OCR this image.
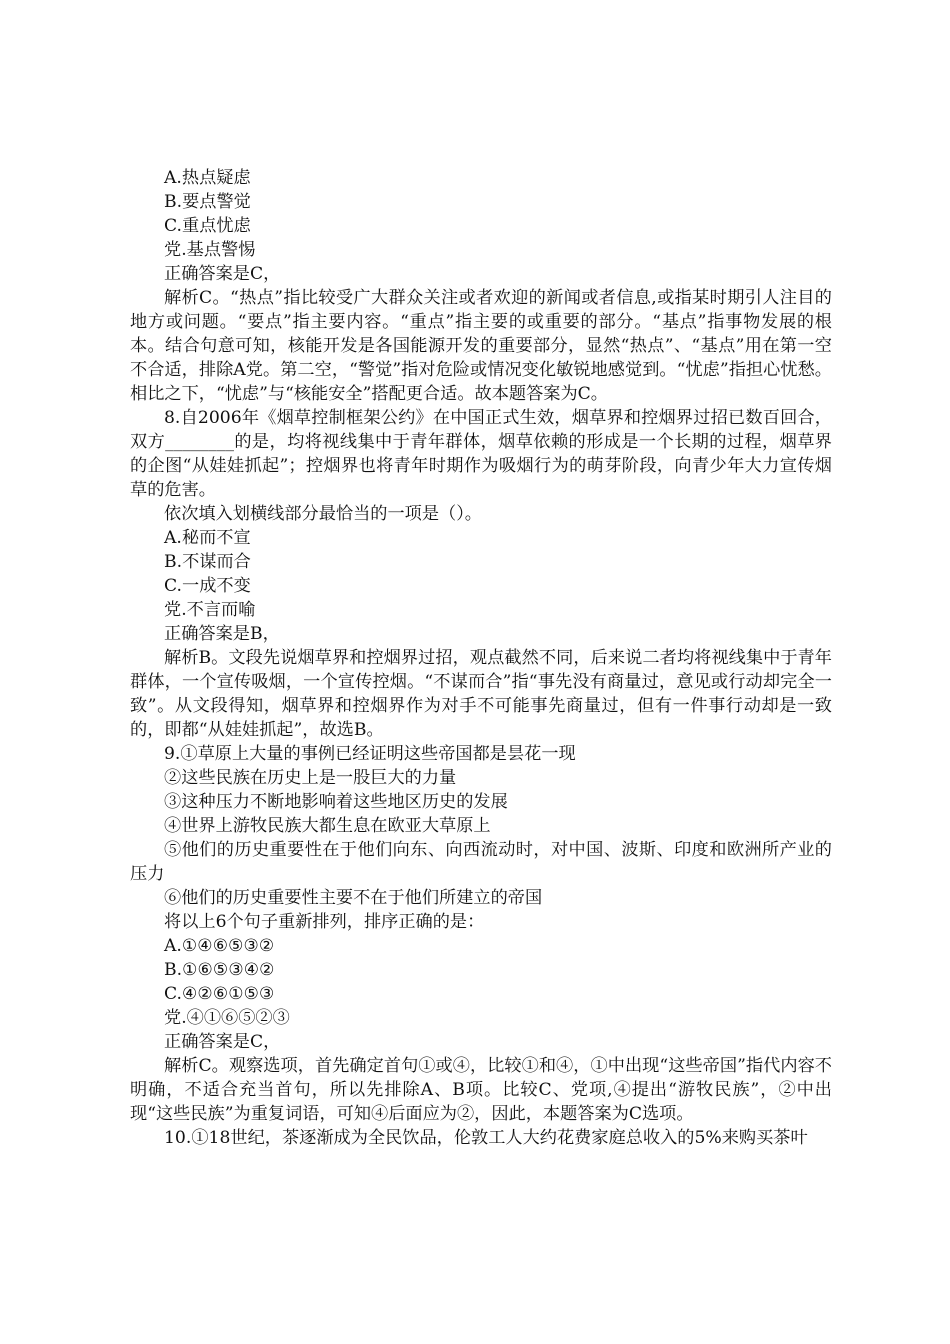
A.热点疑虑
B.要点警觉
C.重点忧虑
党.基点警惕
正确答案是C，
解析C。“热点”指比较受广大群众关注或者欢迎的新闻或者信息,或指某时期引人注目的地方或问题。“要点”指主要内容。“重点”指主要的或重要的部分。“基点”指事物发展的根本。结合句意可知，核能开发是各国能源开发的重要部分，显然“热点”、“基点”用在第一空不合适，排除A党。第二空，“警觉”指对危险或情况变化敏锐地感觉到。“忧虑”指担心忧愁。相比之下，“忧虑”与“核能安全”搭配更合适。故本题答案为C。
8.自2006年《烟草控制框架公约》在中国正式生效，烟草界和控烟界过招已数百回合，双方________的是，均将视线集中于青年群体，烟草依赖的形成是一个长期的过程，烟草界的企图“从娃娃抓起”；控烟界也将青年时期作为吸烟行为的萌芽阶段，向青少年大力宣传烟草的危害。
依次填入划横线部分最恰当的一项是（）。
A.秘而不宣
B.不谋而合
C.一成不变
党.不言而喻
正确答案是B，
解析B。文段先说烟草界和控烟界过招，观点截然不同，后来说二者均将视线集中于青年群体，一个宣传吸烟，一个宣传控烟。“不谋而合”指“事先没有商量过，意见或行动却完全一致”。从文段得知，烟草界和控烟界作为对手不可能事先商量过，但有一件事行动却是一致的，即都“从娃娃抓起”，故选B。
9.①草原上大量的事例已经证明这些帝国都是昙花一现
②这些民族在历史上是一股巨大的力量
③这种压力不断地影响着这些地区历史的发展
④世界上游牧民族大都生息在欧亚大草原上
⑤他们的历史重要性在于他们向东、向西流动时，对中国、波斯、印度和欧洲所产业的压力
⑥他们的历史重要性主要不在于他们所建立的帝国
将以上6个句子重新排列，排序正确的是：
A.①④⑥⑤③②
B.①⑥⑤③④②
C.④②⑥①⑤③
党.④①⑥⑤②③
正确答案是C，
解析C。观察选项，首先确定首句①或④，比较①和④，①中出现“这些帝国”指代内容不明确，不适合充当首句，所以先排除A、B项。比较C、党项,④提出“游牧民族”，②中出现“这些民族”为重复词语，可知④后面应为②，因此，本题答案为C选项。
10.①18世纪，茶逐渐成为全民饮品，伦敦工人大约花费家庭总收入的5%来购买茶叶
